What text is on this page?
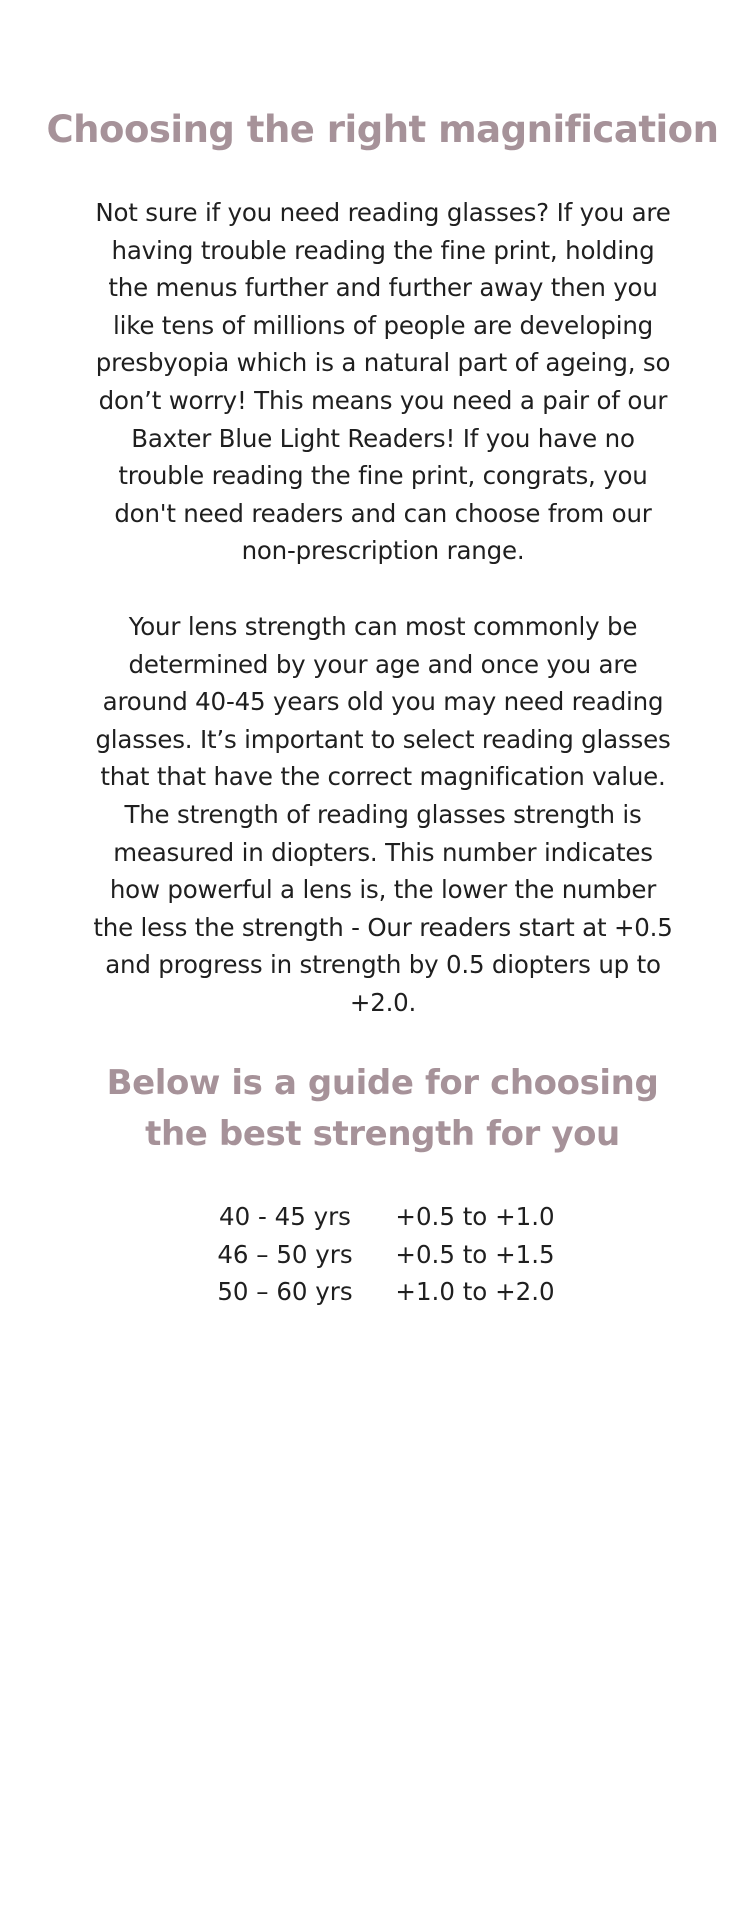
Choosing the right magnification

Not sure if you need reading glasses? If you are having trouble reading the fine print, holding the menus further and further away then you like tens of millions of people are developing presbyopia which is a natural part of ageing, so don’t worry! This means you need a pair of our Baxter Blue Light Readers! If you have no trouble reading the fine print, congrats, you don't need readers and can choose from our non-prescription range.

Your lens strength can most commonly be determined by your age and once you are around 40-45 years old you may need reading glasses. It’s important to select reading glasses that that have the correct magnification value. The strength of reading glasses strength is measured in diopters. This number indicates how powerful a lens is, the lower the number the less the strength - Our readers start at +0.5 and progress in strength by 0.5 diopters up to +2.0.

Below is a guide for choosing the best strength for you
40 - 45 yrs	+0.5 to +1.0
46 – 50 yrs +0.5 to +1.5
50 – 60 yrs +1.0 to +2.0
